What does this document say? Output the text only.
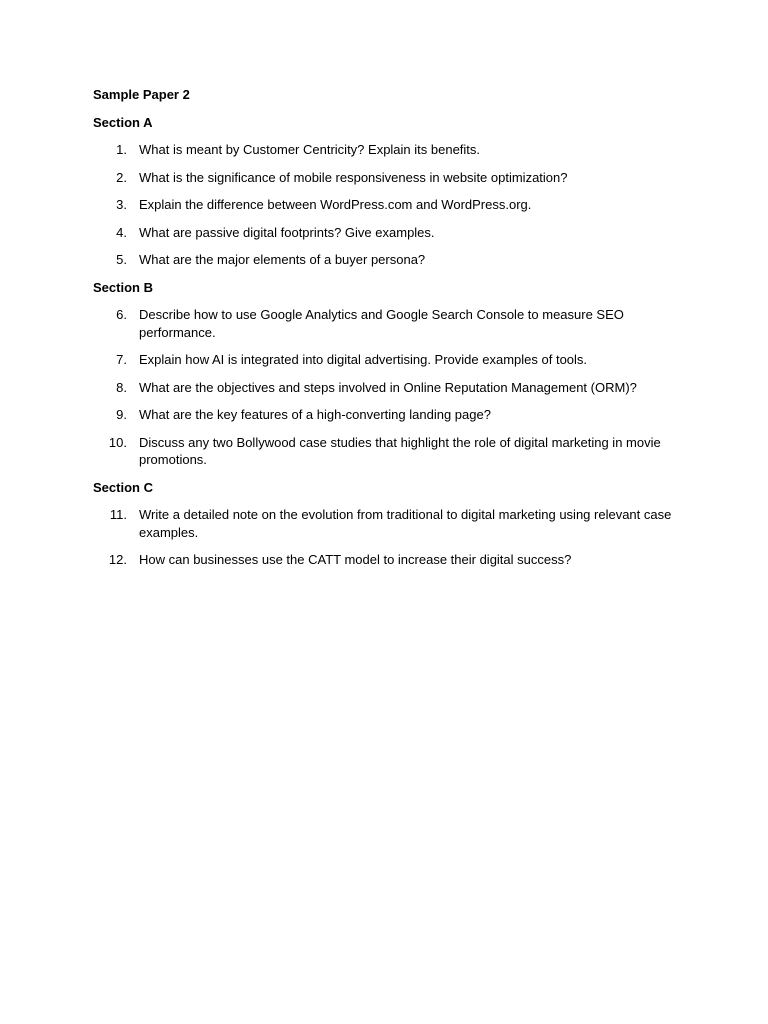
Sample Paper 2
Section A
1. What is meant by Customer Centricity? Explain its benefits.
2. What is the significance of mobile responsiveness in website optimization?
3. Explain the difference between WordPress.com and WordPress.org.
4. What are passive digital footprints? Give examples.
5. What are the major elements of a buyer persona?
Section B
6. Describe how to use Google Analytics and Google Search Console to measure SEO performance.
7. Explain how AI is integrated into digital advertising. Provide examples of tools.
8. What are the objectives and steps involved in Online Reputation Management (ORM)?
9. What are the key features of a high-converting landing page?
10. Discuss any two Bollywood case studies that highlight the role of digital marketing in movie promotions.
Section C
11. Write a detailed note on the evolution from traditional to digital marketing using relevant case examples.
12. How can businesses use the CATT model to increase their digital success?
